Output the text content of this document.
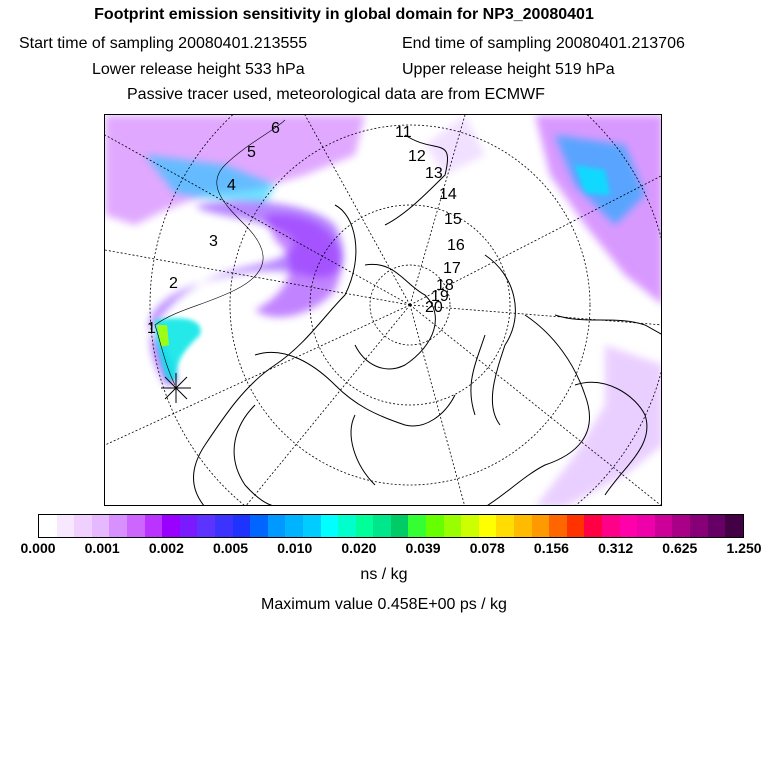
Footprint emission sensitivity in global domain for NP3_20080401
Start time of sampling 20080401.213555	End time of sampling 20080401.213706
Lower release height 533 hPa	Upper release height 519 hPa
Passive tracer used, meteorological data are from ECMWF
1
2
3
4
5
6	11
12
13
14
15
16
17
18
19
20
0.000 0.001 0.002 0.005 0.010 0.020 0.039 0.078 0.156 0.312 0.625 1.250
ns / kg
Maximum value 0.458E+00 ps / kg
